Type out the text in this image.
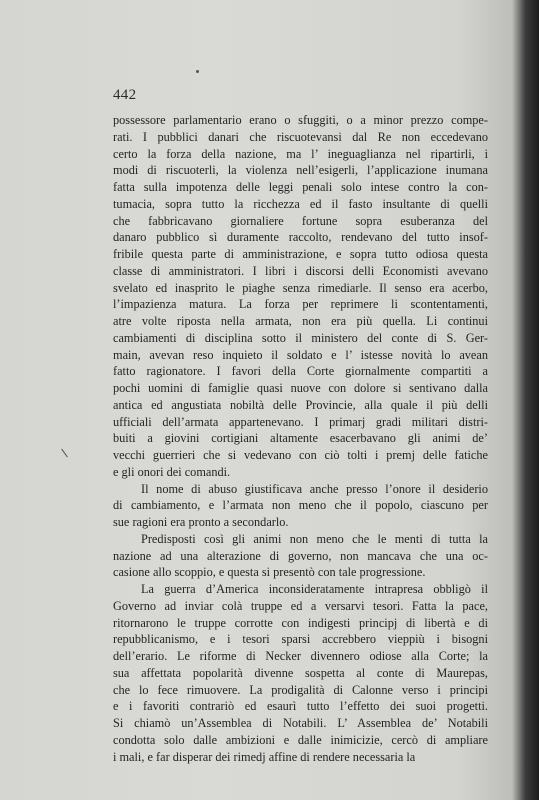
442
possessore parlamentario erano o sfuggiti, o a minor prezzo compe-
rati. I pubblici danari che riscuotevansi dal Re non eccedevano
certo la forza della nazione, ma l’ ineguaglianza nel ripartirli, i
modi di riscuoterli, la violenza nell’esigerli, l’applicazione inumana
fatta sulla impotenza delle leggi penali solo intese contro la con-
tumacia, sopra tutto la ricchezza ed il fasto insultante di quelli
che fabbricavano giornaliere fortune sopra esuberanza del
danaro pubblico sì duramente raccolto, rendevano del tutto insof-
fribile questa parte di amministrazione, e sopra tutto odiosa questa
classe di amministratori. I libri i discorsi delli Economisti avevano
svelato ed inasprito le piaghe senza rimediarle. Il senso era acerbo,
l’impazienza matura. La forza per reprimere li scontentamenti,
atre volte riposta nella armata, non era più quella. Li continui
cambiamenti di disciplina sotto il ministero del conte di S. Ger-
main, avevan reso inquieto il soldato e l’ istesse novità lo avean
fatto ragionatore. I favori della Corte giornalmente compartiti a
pochi uomini di famiglie quasi nuove con dolore si sentivano dalla
antica ed angustiata nobiltà delle Provincie, alla quale il più delli
ufficiali dell’armata appartenevano. I primarj gradi militari distri-
buiti a giovini cortigiani altamente esacerbavano gli animi de’
vecchi guerrieri che si vedevano con ciò tolti i premj delle fatiche
e gli onori dei comandi.
Il nome di abuso giustificava anche presso l’onore il desiderio
di cambiamento, e l’armata non meno che il popolo, ciascuno per
sue ragioni era pronto a secondarlo.
Predisposti così gli animi non meno che le menti di tutta la
nazione ad una alterazione di governo, non mancava che una oc-
casione allo scoppio, e questa si presentò con tale progressione.
La guerra d’America inconsideratamente intrapresa obbligò il
Governo ad inviar colà truppe ed a versarvi tesori. Fatta la pace,
ritornarono le truppe corrotte con indigesti principj di libertà e di
repubblicanismo, e i tesori sparsi accrebbero vieppiù i bisogni
dell’erario. Le riforme di Necker divennero odiose alla Corte; la
sua affettata popolarità divenne sospetta al conte di Maurepas,
che lo fece rimuovere. La prodigalità di Calonne verso i principi
e i favoriti contrariò ed esaurì tutto l’effetto dei suoi progetti.
Si chiamò un’Assemblea di Notabili. L’ Assemblea de’ Notabili
condotta solo dalle ambizioni e dalle inimicizie, cercò di ampliare
i mali, e far disperar dei rimedj affine di rendere necessaria la
